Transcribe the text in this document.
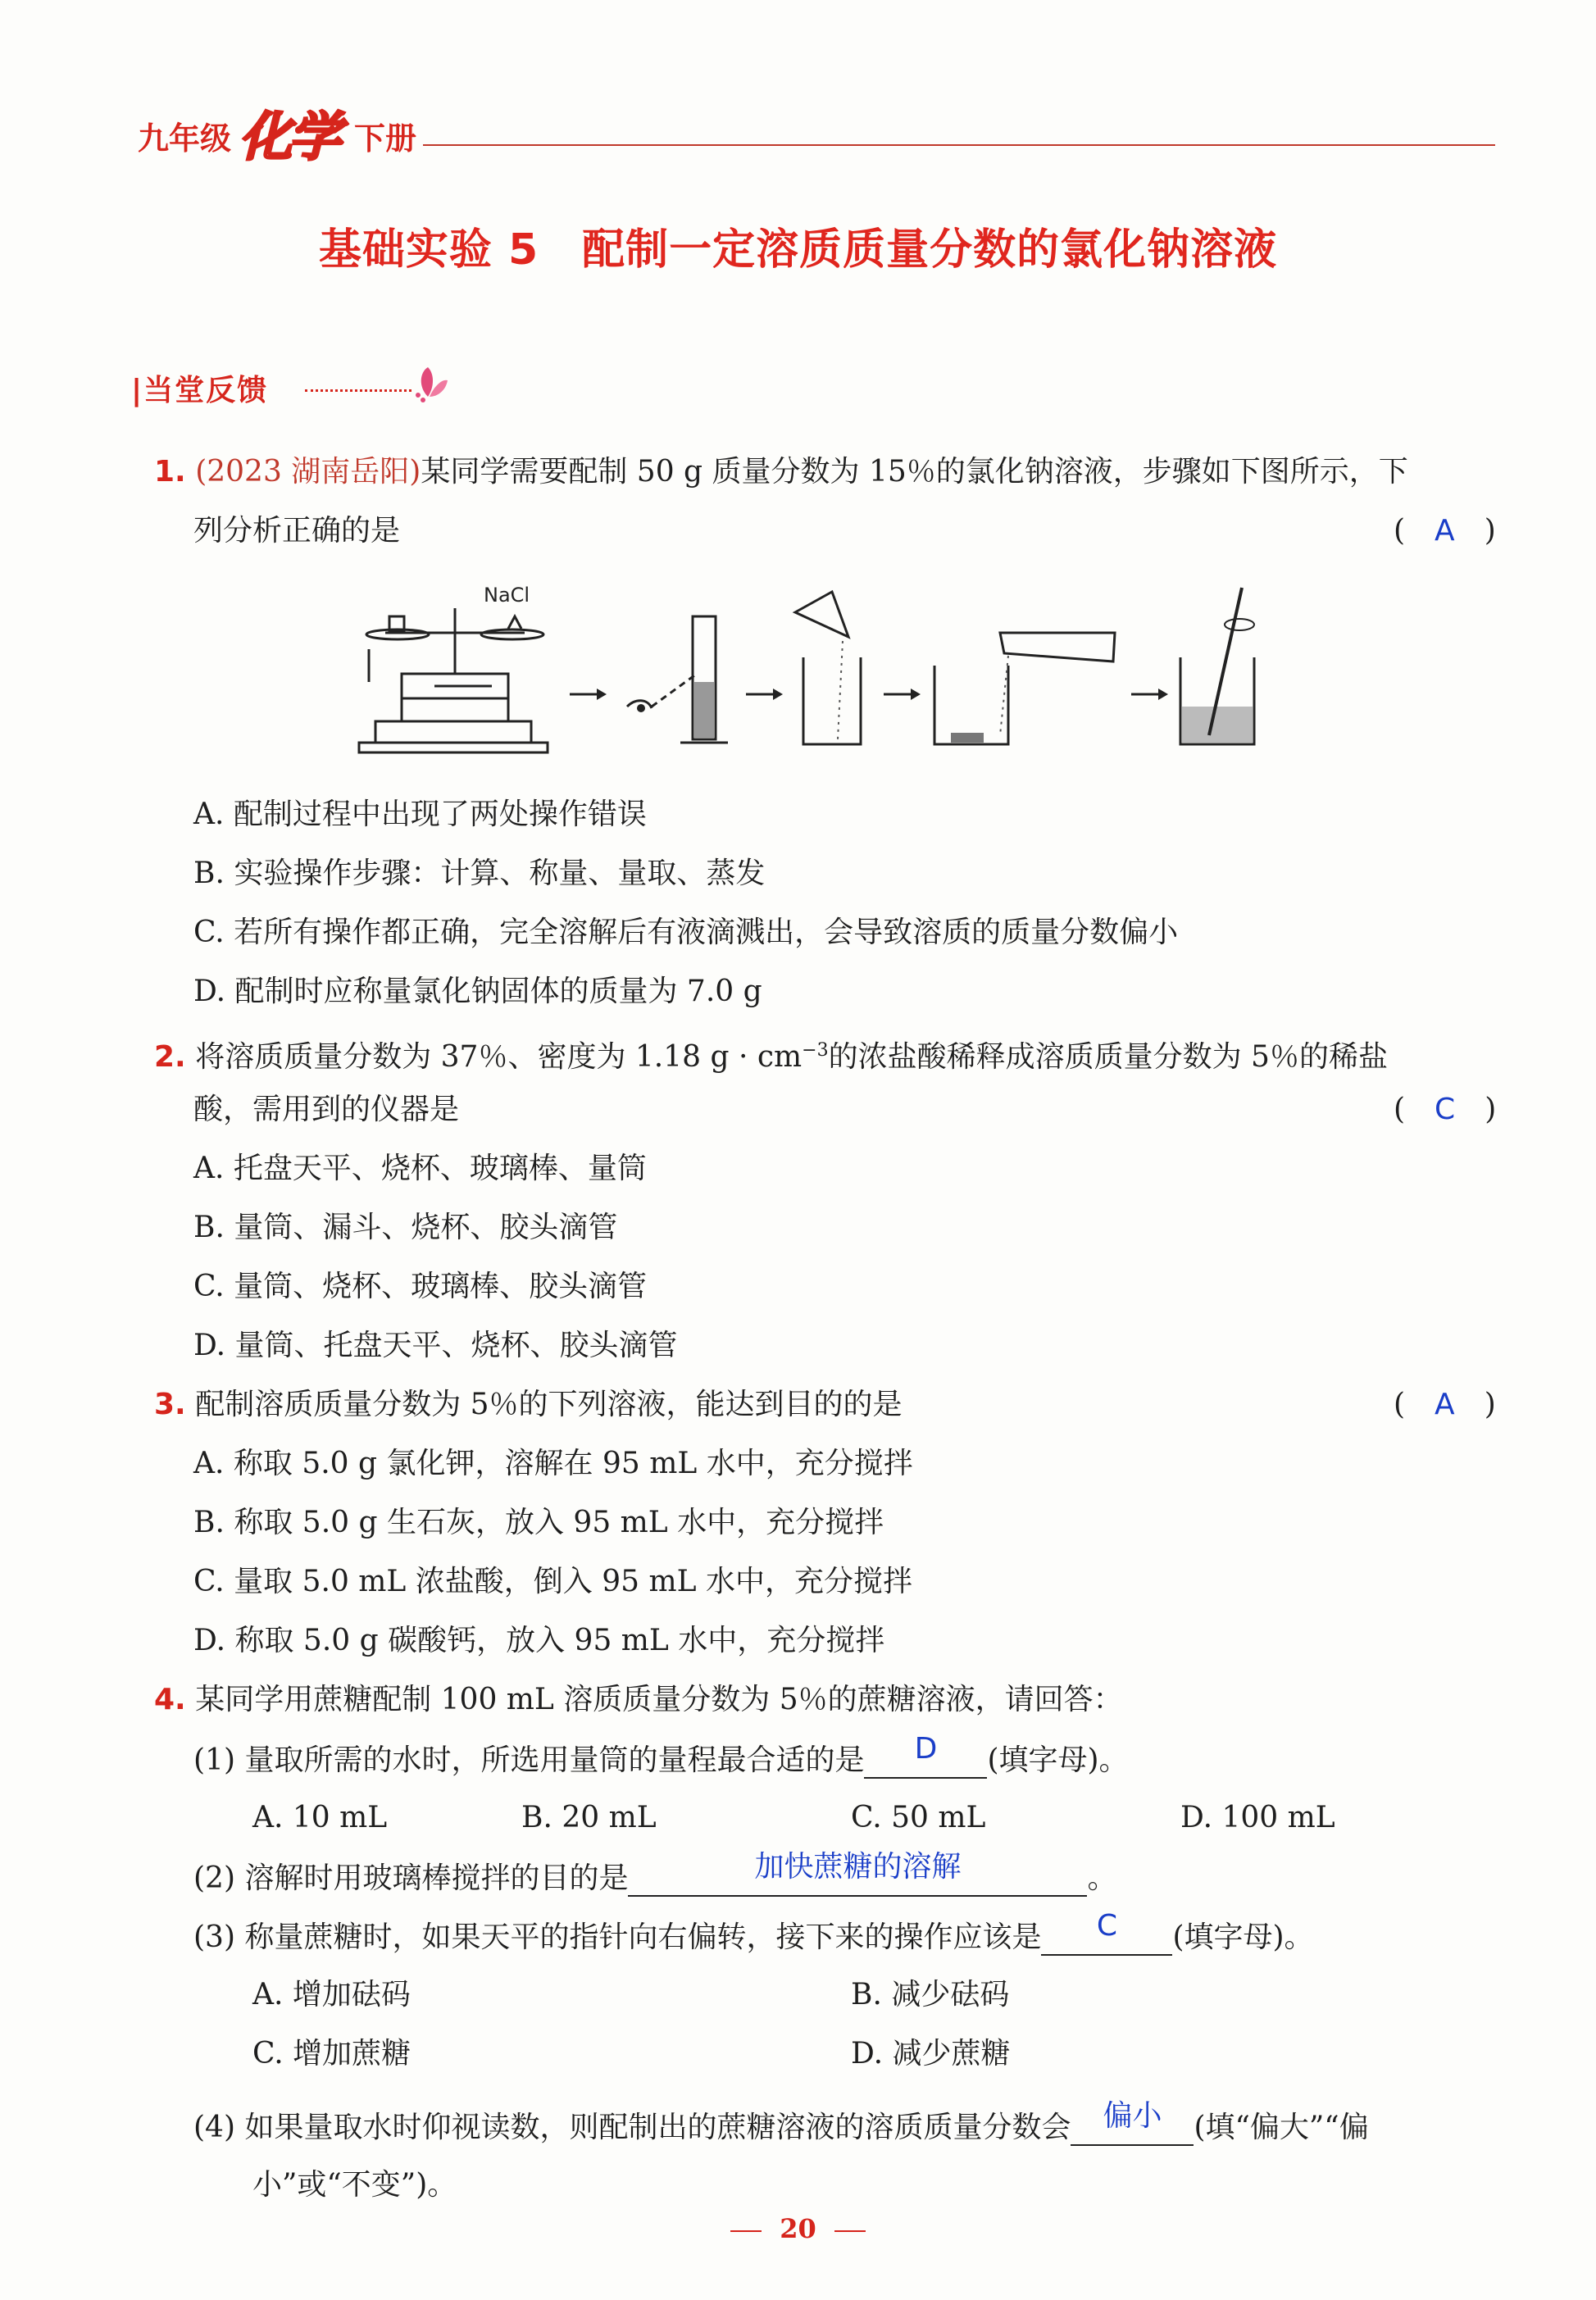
九年级 化学 下册
基础实验 5　配制一定溶质质量分数的氯化钠溶液
|当堂反馈
1. (2023 湖南岳阳)某同学需要配制 50 g 质量分数为 15％的氯化钠溶液，步骤如下图所示，下
列分析正确的是	(　A　)
NaCl
A. 配制过程中出现了两处操作错误
B. 实验操作步骤：计算、称量、量取、蒸发
C. 若所有操作都正确，完全溶解后有液滴溅出，会导致溶质的质量分数偏小
D. 配制时应称量氯化钠固体的质量为 7.0 g
2. 将溶质质量分数为 37％、密度为 1.18 $g \cdot cm^{-3}$的浓盐酸稀释成溶质质量分数为 5％的稀盐
酸，需用到的仪器是	(　C　)
A. 托盘天平、烧杯、玻璃棒、量筒
B. 量筒、漏斗、烧杯、胶头滴管
C. 量筒、烧杯、玻璃棒、胶头滴管
D. 量筒、托盘天平、烧杯、胶头滴管
3. 配制溶质质量分数为 5％的下列溶液，能达到目的的是	(　A　)
A. 称取 5.0 g 氯化钾，溶解在 95 mL 水中，充分搅拌
B. 称取 5.0 g 生石灰，放入 95 mL 水中，充分搅拌
C. 量取 5.0 mL 浓盐酸，倒入 95 mL 水中，充分搅拌
D. 称取 5.0 g 碳酸钙，放入 95 mL 水中，充分搅拌
4. 某同学用蔗糖配制 100 mL 溶质质量分数为 5％的蔗糖溶液，请回答：
(1) 量取所需的水时，所选用量筒的量程最合适的是 D (填字母)。
A. 10 mL	B. 20 mL	C. 50 mL	D. 100 mL
(2) 溶解时用玻璃棒搅拌的目的是	加快蔗糖的溶解	。
(3) 称量蔗糖时，如果天平的指针向右偏转，接下来的操作应该是 C (填字母)。
A. 增加砝码	B. 减少砝码
C. 增加蔗糖	D. 减少蔗糖
(4) 如果量取水时仰视读数，则配制出的蔗糖溶液的溶质质量分数会 偏小 (填“偏大”“偏
小”或“不变”)。
20
